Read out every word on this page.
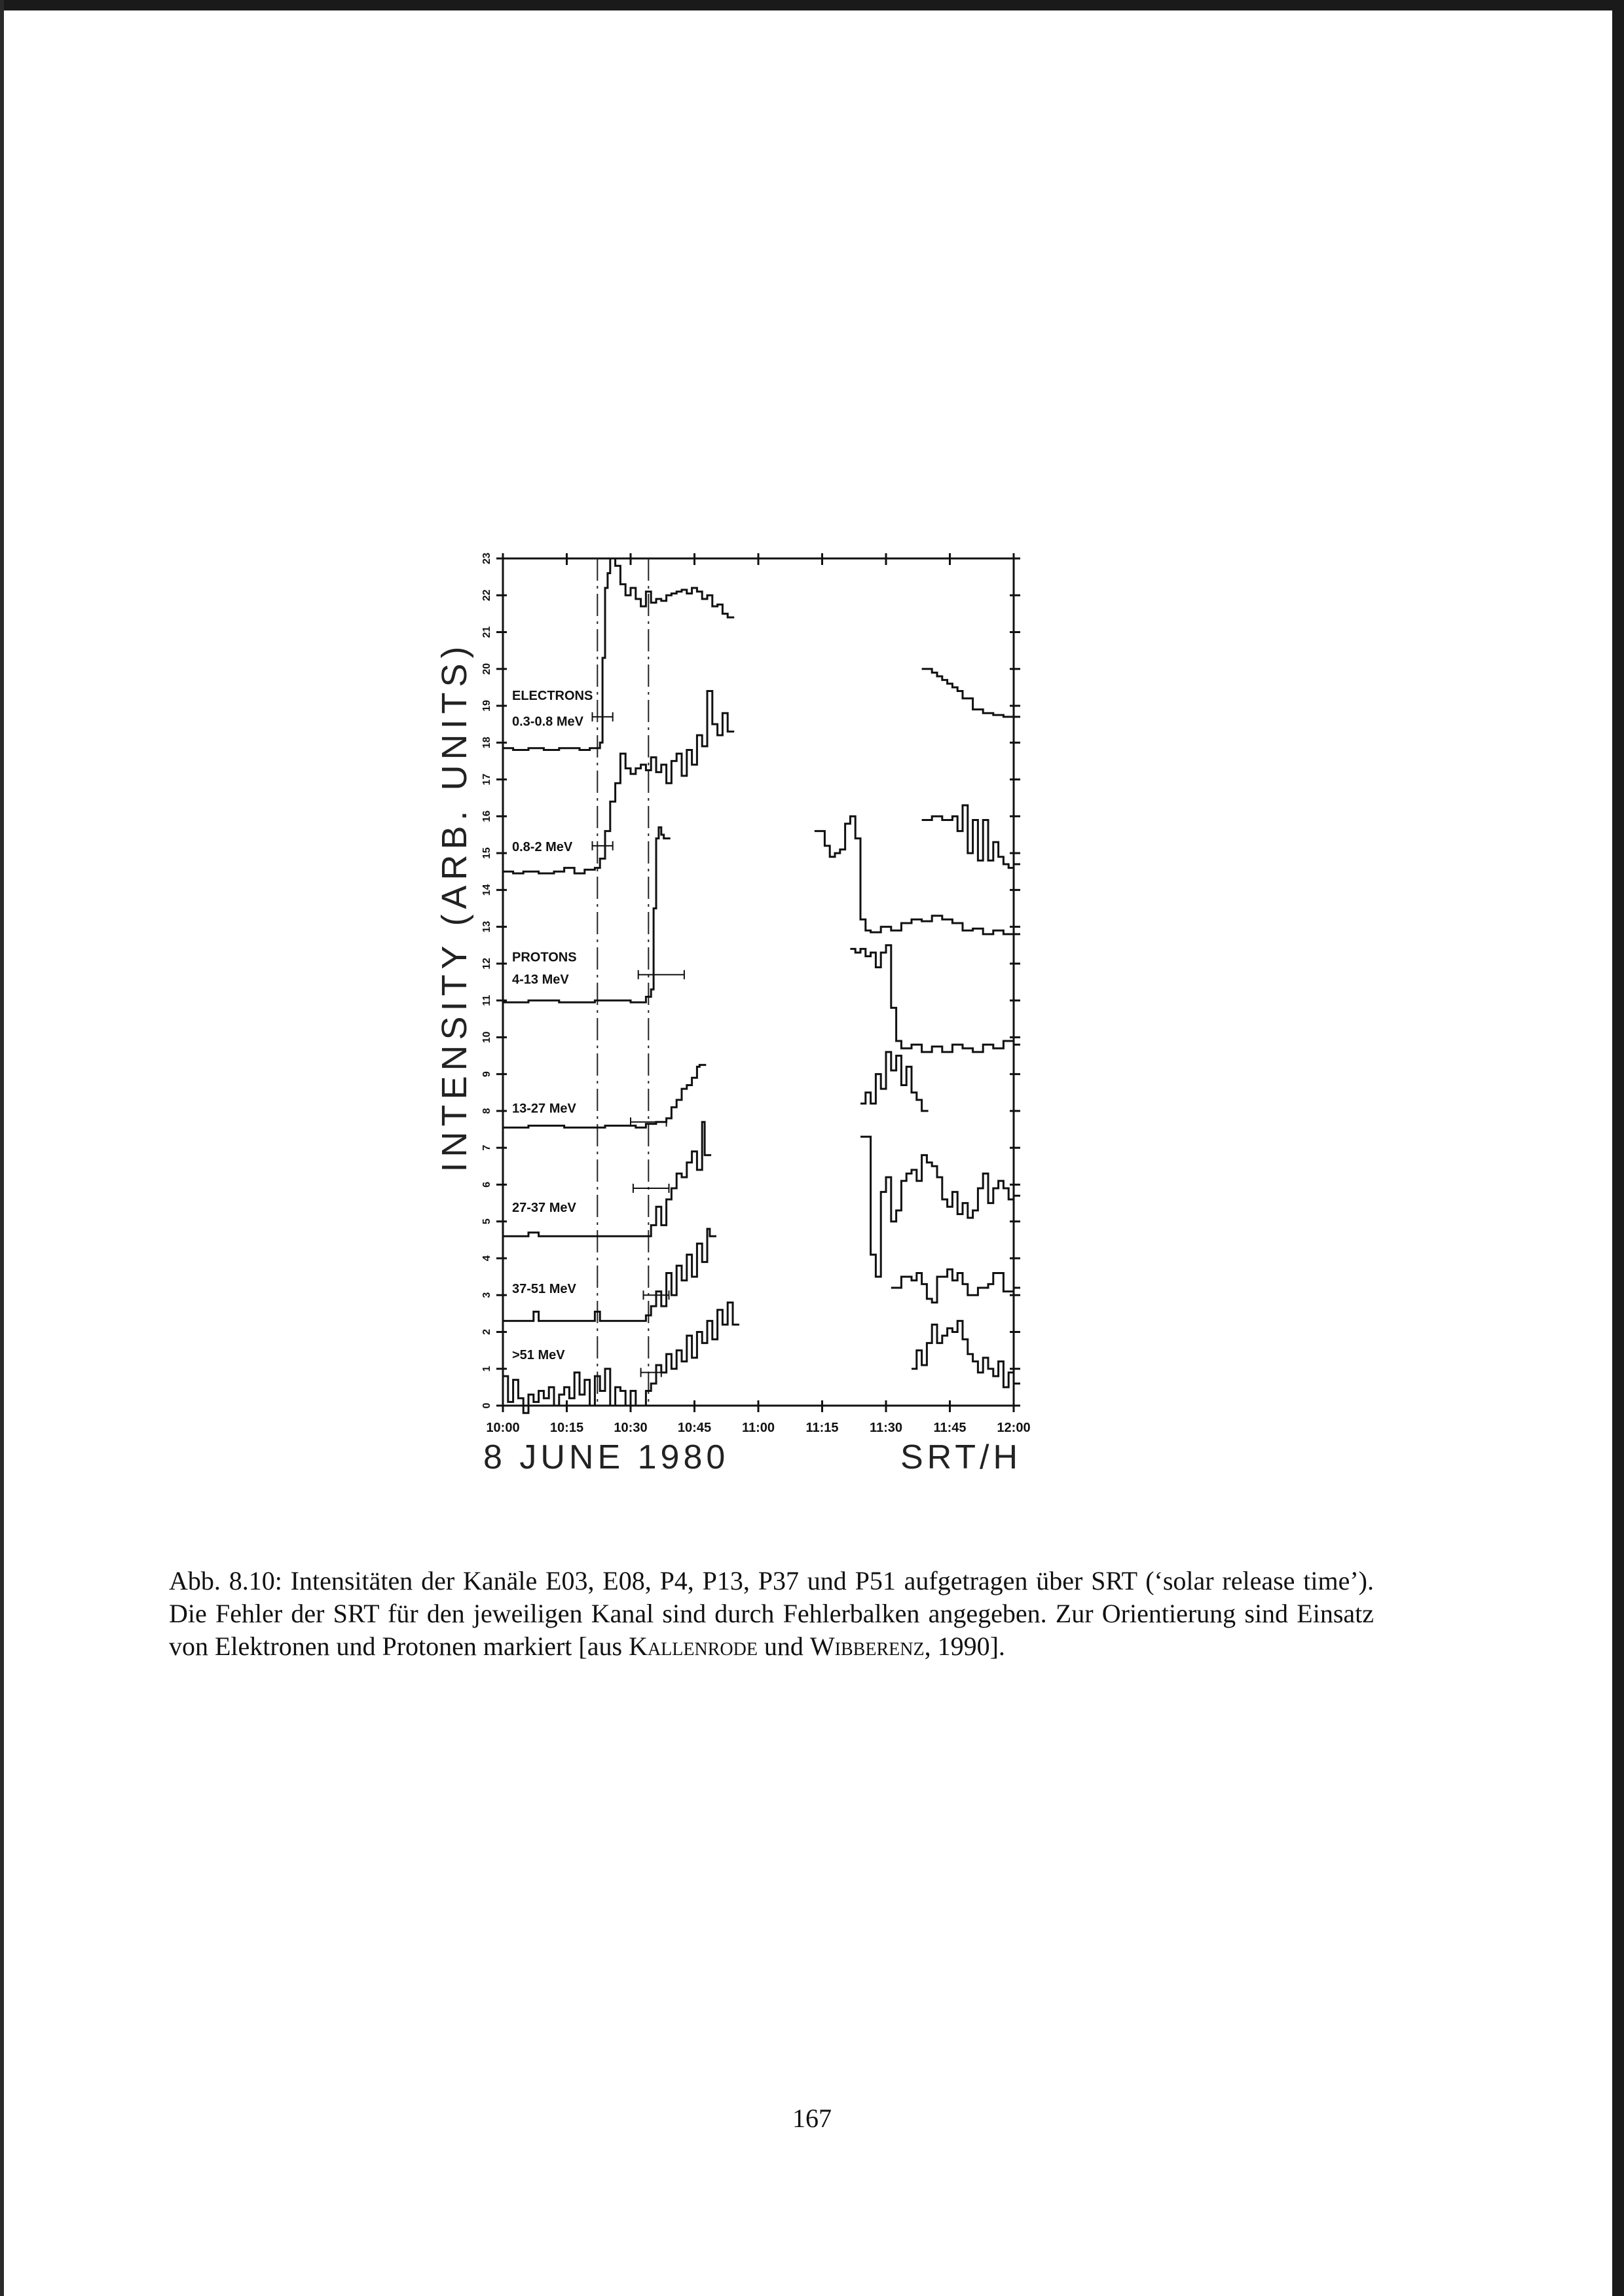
0
1
2
3
4
5
6
7
8
9
10
11
12
13
14
15
16
17
18
19
20
21
22
23
10:00 10:15 10:30 10:45 11:00 11:15 11:30 11:45 12:00
0.3-0.8 MeV
0.8-2 MeV
4-13 MeV
13-27 MeV
27-37 MeV
37-51 MeV
>51 MeV
ELECTRONS
PROTONS
INTENSITY (ARB. UNITS)
8 JUNE 1980	SRT/H
Abb. 8.10: Intensitäten der Kanäle E03, E08, P4, P13, P37 und P51 aufgetragen über SRT (‘solar release time’). Die Fehler der SRT für den jeweiligen Kanal sind durch Fehlerbalken angegeben. Zur Orientierung sind Einsatz von Elektronen und Protonen markiert [aus Kallenrode und Wibberenz, 1990].
167
